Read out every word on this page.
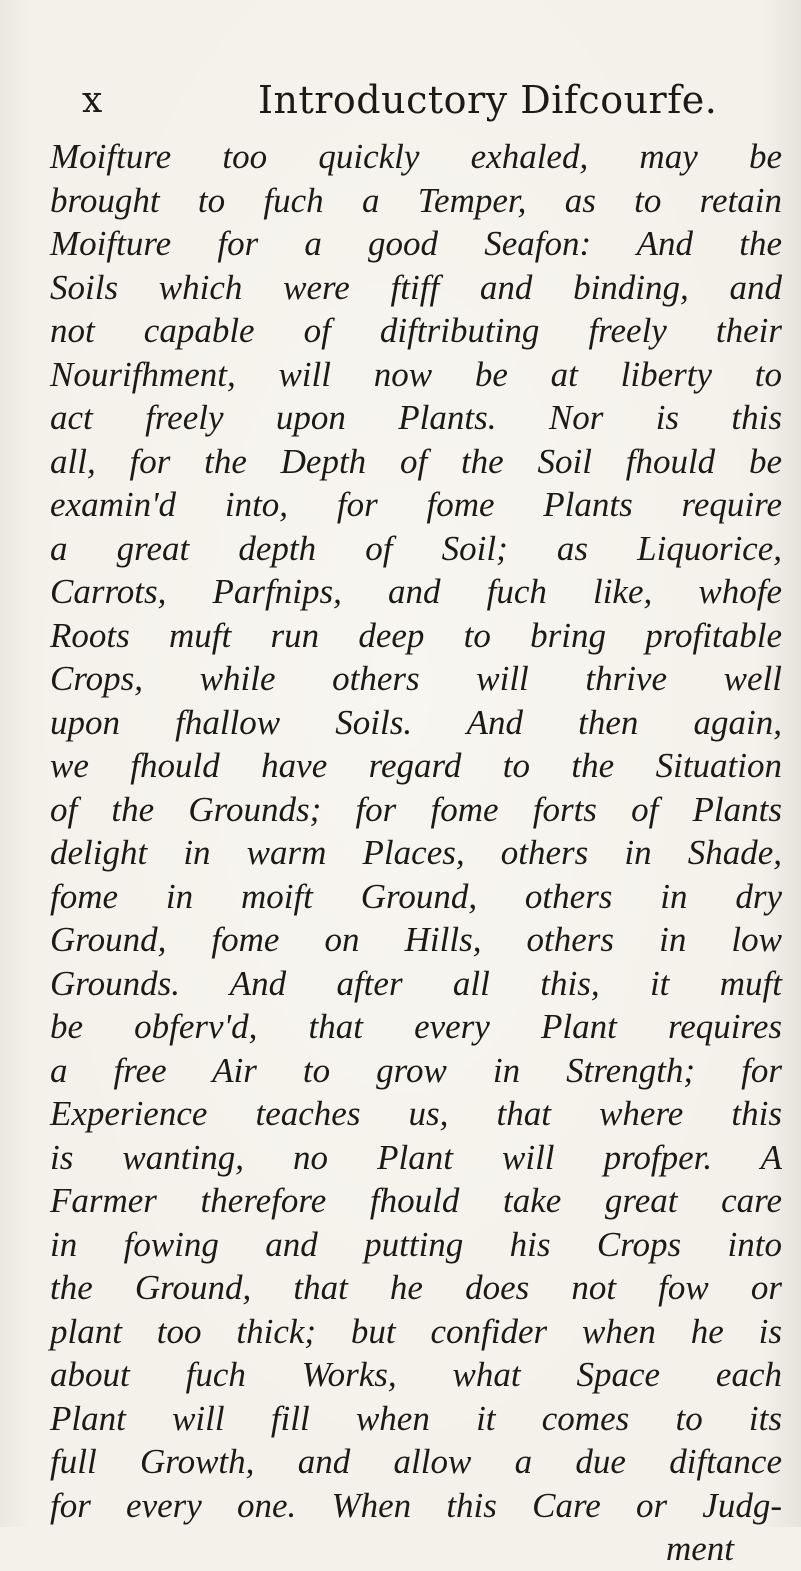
x	Introductory Difcourfe.
Moifture too quickly exhaled, may be
brought to fuch a Temper, as to retain
Moifture for a good Seafon: And the
Soils which were ftiff and binding, and
not capable of diftributing freely their
Nourifhment, will now be at liberty to
act freely upon Plants. Nor is this
all, for the Depth of the Soil fhould be
examin'd into, for fome Plants require
a great depth of Soil; as Liquorice,
Carrots, Parfnips, and fuch like, whofe
Roots muft run deep to bring profitable
Crops, while others will thrive well
upon fhallow Soils. And then again,
we fhould have regard to the Situation
of the Grounds; for fome forts of Plants
delight in warm Places, others in Shade,
fome in moift Ground, others in dry
Ground, fome on Hills, others in low
Grounds. And after all this, it muft
be obferv'd, that every Plant requires
a free Air to grow in Strength; for
Experience teaches us, that where this
is wanting, no Plant will profper. A
Farmer therefore fhould take great care
in fowing and putting his Crops into
the Ground, that he does not fow or
plant too thick; but confider when he is
about fuch Works, what Space each
Plant will fill when it comes to its
full Growth, and allow a due diftance
for every one. When this Care or Judg-
ment
